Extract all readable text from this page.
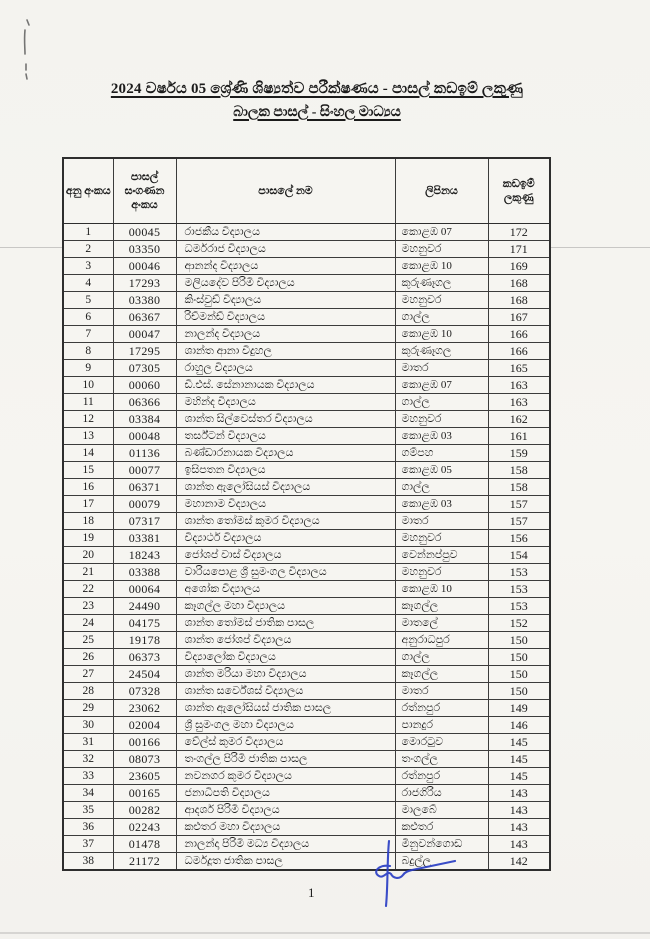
2024 වර්ෂය 05 ශ්‍රේණි ශිෂ්‍යත්ව පරීක්ෂණය - පාසල් කඩඉම් ලකුණු
බාලක පාසල් - සිංහල මාධ්‍යය
අනු අංකය	පාසල් සංගණන අංකය	පාසලේ නම	ලිපිනය	කඩඉම් ලකුණු
1	00045	රාජකීය විද්‍යාලය	කොළඹ 07	172
2	03350	ධර්මරාජ විද්‍යාලය	මහනුවර	171
3	00046	ආනන්ද විද්‍යාලය	කොළඹ 10	169
4	17293	මලියදේව පිරිමි විද්‍යාලය	කුරුණෑගල	168
5	03380	කිංස්වුඩ් විද්‍යාලය	මහනුවර	168
6	06367	රිච්මන්ඩ් විද්‍යාලය	ගාල්ල	167
7	00047	නාලන්ද විද්‍යාලය	කොළඹ 10	166
8	17295	ශාන්ත ආනා විදුහල	කුරුණෑගල	166
9	07305	රාහුල විද්‍යාලය	මාතර	165
10	00060	ඩී.එස්. සේනානායක විද්‍යාලය	කොළඹ 07	163
11	06366	මහින්ද විද්‍යාලය	ගාල්ල	163
12	03384	ශාන්ත සිල්වෙස්තර විද්‍යාලය	මහනුවර	162
13	00048	තර්ස්ටන් විද්‍යාලය	කොළඹ 03	161
14	01136	බණ්ඩාරනායක විද්‍යාලය	ගම්පහ	159
15	00077	ඉසිපතන විද්‍යාලය	කොළඹ 05	158
16	06371	ශාන්ත ඇලෝසියස් විද්‍යාලය	ගාල්ල	158
17	00079	මහානාම විද්‍යාලය	කොළඹ 03	157
18	07317	ශාන්ත තෝමස් කුමර විද්‍යාලය	මාතර	157
19	03381	විද්‍යාර්ථ විද්‍යාලය	මහනුවර	156
20	18243	ජෝශප් වාස් විද්‍යාලය	වෙන්නප්පුව	154
21	03388	වාරියපොළ ශ්‍රී සුමංගල විද්‍යාලය	මහනුවර	153
22	00064	අශෝක විද්‍යාලය	කොළඹ 10	153
23	24490	කෑගල්ල මහා විද්‍යාලය	කෑගල්ල	153
24	04175	ශාන්ත තෝමස් ජාතික පාසල	මාතලේ	152
25	19178	ශාන්ත ජෝශප් විද්‍යාලය	අනුරාධපුර	150
26	06373	විද්‍යාලෝක විද්‍යාලය	ගාල්ල	150
27	24504	ශාන්ත මරියා මහා විද්‍යාලය	කෑගල්ල	150
28	07328	ශාන්ත සර්වේශස් විද්‍යාලය	මාතර	150
29	23062	ශාන්ත ඇලෝසියස් ජාතික පාසල	රත්නපුර	149
30	02004	ශ්‍රී සුමංගල මහා විද්‍යාලය	පානදුර	146
31	00166	වේල්ස් කුමර විද්‍යාලය	මොරටුව	145
32	08073	තංගල්ල පිරිමි ජාතික පාසල	තංගල්ල	145
33	23605	නවනගර කුමර විද්‍යාලය	රත්නපුර	145
34	00165	ජනාධිපති විද්‍යාලය	රාජගිරිය	143
35	00282	ආදර්ශ පිරිමි විද්‍යාලය	මාලබේ	143
36	02243	කළුතර මහා විද්‍යාලය	කළුතර	143
37	01478	නාලන්දා පිරිමි මධ්‍ය විද්‍යාලය	මිනුවන්ගොඩ	143
38	21172	ධර්මදූත ජාතික පාසල	බදුල්ල	142
1
